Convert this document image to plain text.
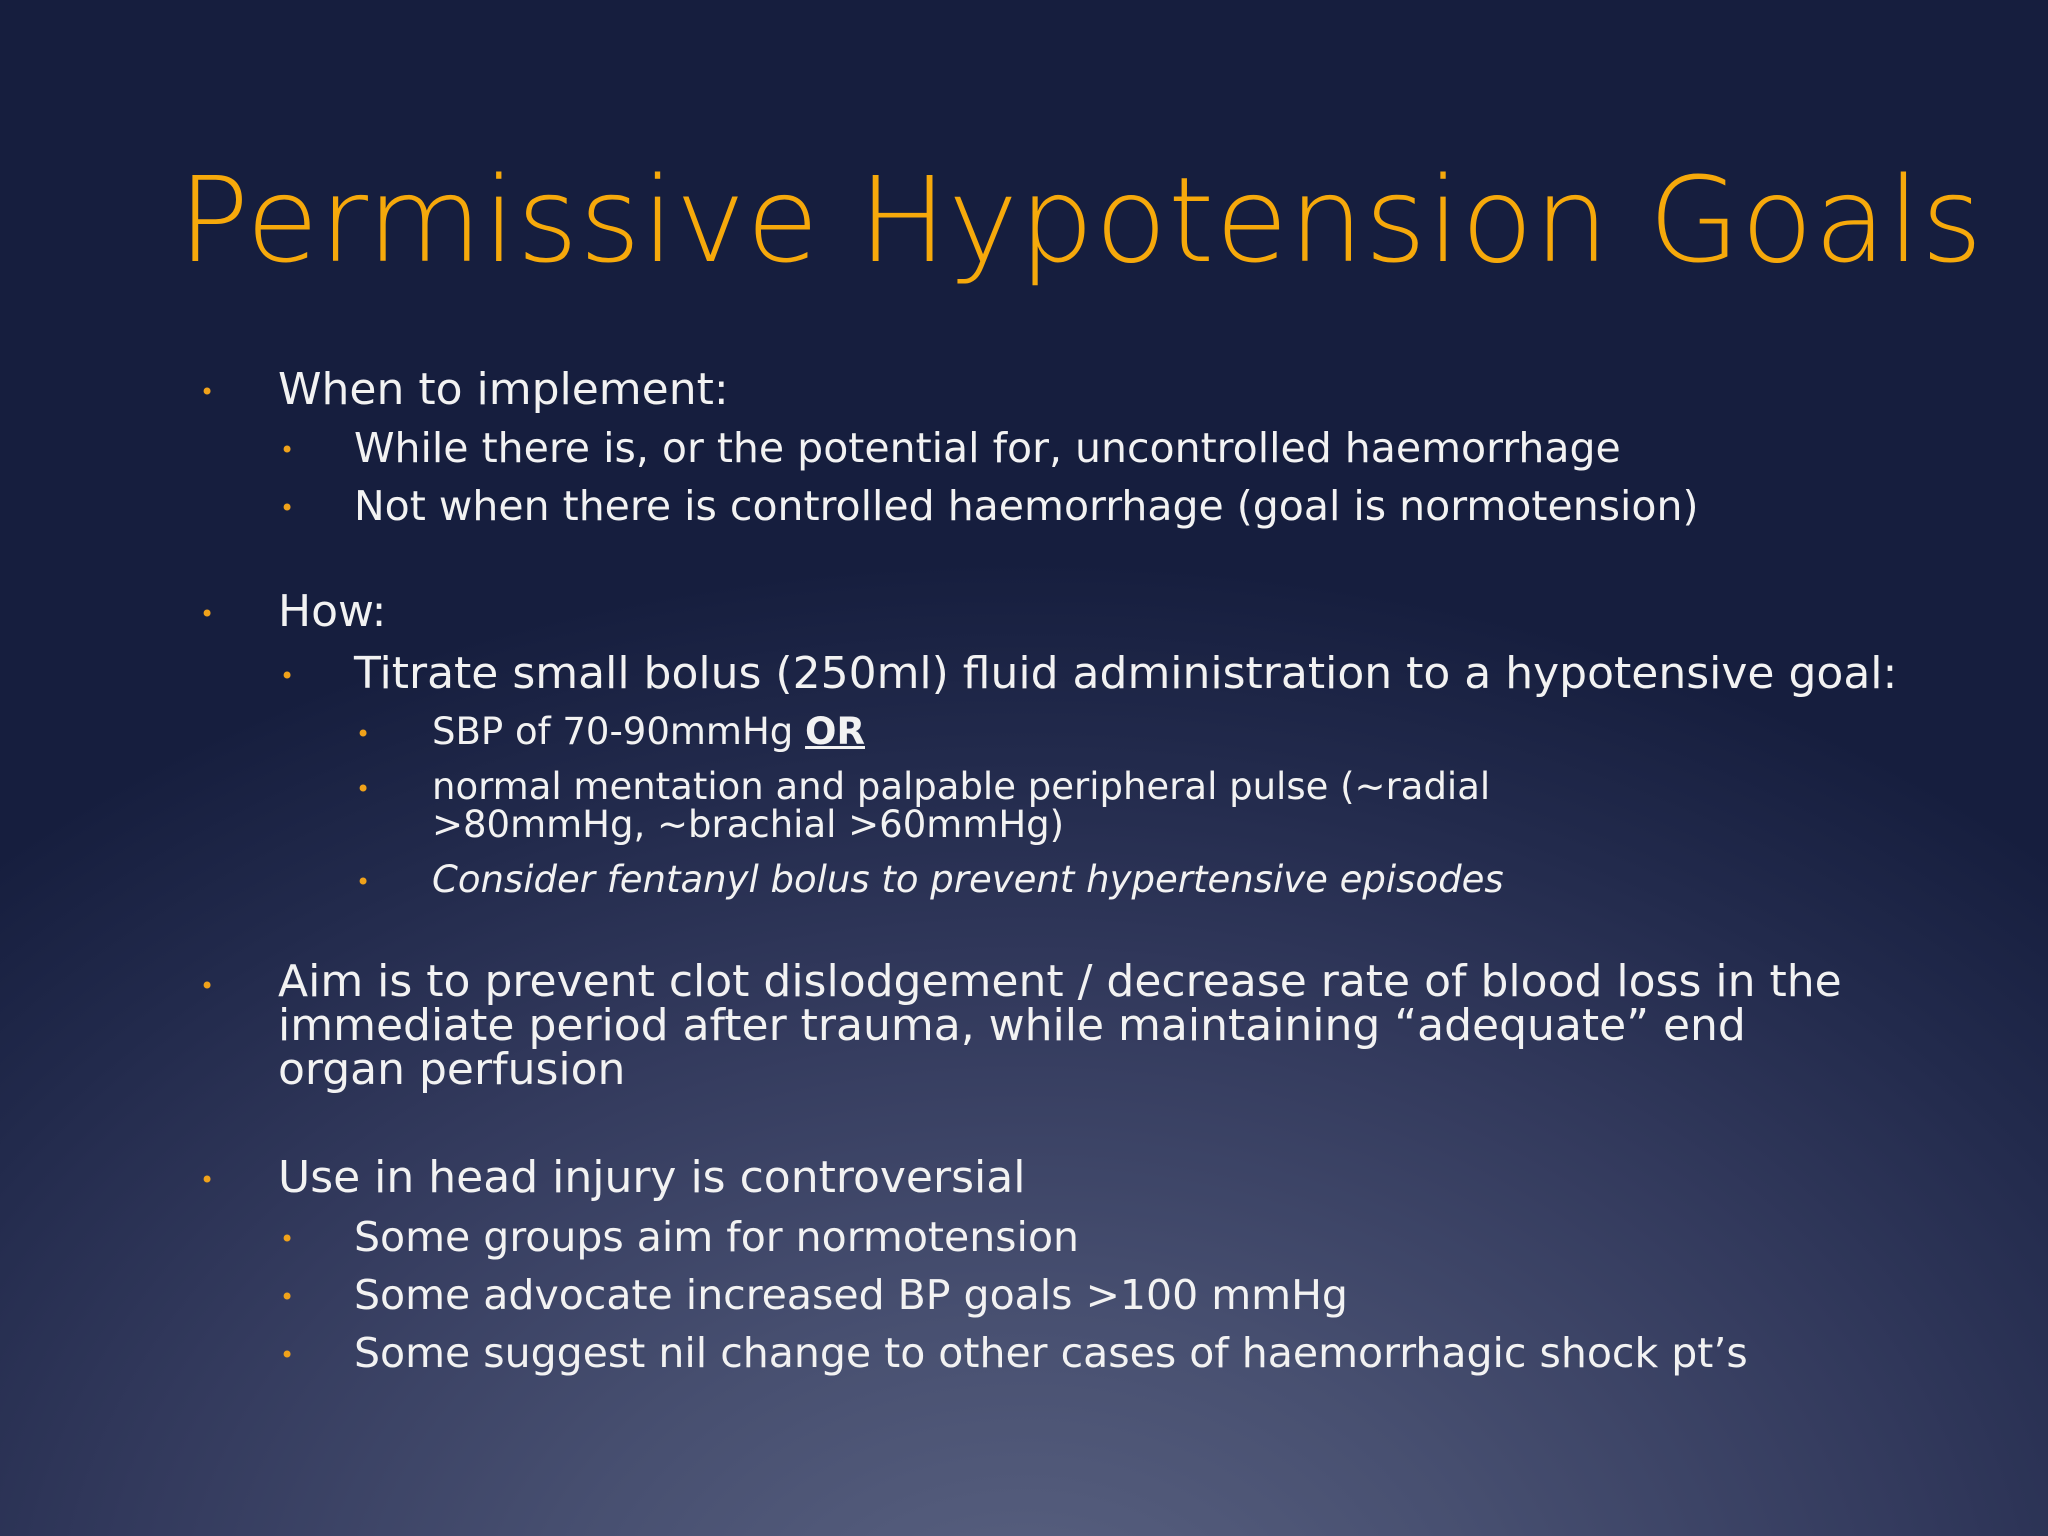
Permissive Hypotension Goals
• When to implement:
• While there is, or the potential for, uncontrolled haemorrhage
• Not when there is controlled haemorrhage (goal is normotension)
• How:
• Titrate small bolus (250ml) fluid administration to a hypotensive goal:
• SBP of 70-90mmHg OR
• normal mentation and palpable peripheral pulse (~radial
>80mmHg, ~brachial >60mmHg)
• Consider fentanyl bolus to prevent hypertensive episodes
• Aim is to prevent clot dislodgement / decrease rate of blood loss in the
immediate period after trauma, while maintaining “adequate” end
organ perfusion
• Use in head injury is controversial
• Some groups aim for normotension
• Some advocate increased BP goals >100 mmHg
• Some suggest nil change to other cases of haemorrhagic shock pt’s
